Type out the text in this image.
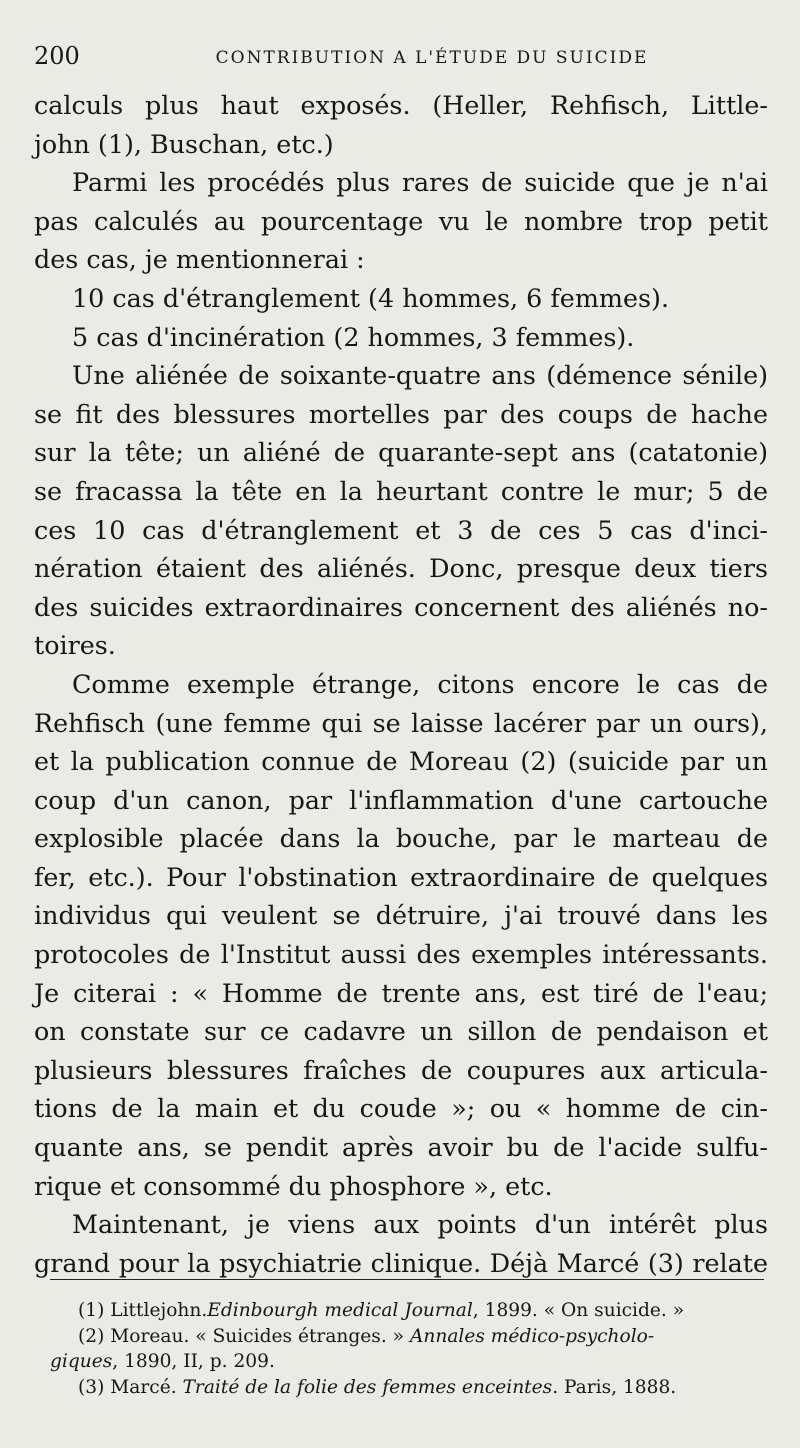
200	CONTRIBUTION A L'ÉTUDE DU SUICIDE
calculs plus haut exposés. (Heller, Rehfisch, Little-
john (1), Buschan, etc.)
Parmi les procédés plus rares de suicide que je n'ai
pas calculés au pourcentage vu le nombre trop petit
des cas, je mentionnerai :
10 cas d'étranglement (4 hommes, 6 femmes).
5 cas d'incinération (2 hommes, 3 femmes).
Une aliénée de soixante-quatre ans (démence sénile)
se fit des blessures mortelles par des coups de hache
sur la tête; un aliéné de quarante-sept ans (catatonie)
se fracassa la tête en la heurtant contre le mur; 5 de
ces 10 cas d'étranglement et 3 de ces 5 cas d'inci-
nération étaient des aliénés. Donc, presque deux tiers
des suicides extraordinaires concernent des aliénés no-
toires.
Comme exemple étrange, citons encore le cas de
Rehfisch (une femme qui se laisse lacérer par un ours),
et la publication connue de Moreau (2) (suicide par un
coup d'un canon, par l'inflammation d'une cartouche
explosible placée dans la bouche, par le marteau de
fer, etc.). Pour l'obstination extraordinaire de quelques
individus qui veulent se détruire, j'ai trouvé dans les
protocoles de l'Institut aussi des exemples intéressants.
Je citerai : « Homme de trente ans, est tiré de l'eau;
on constate sur ce cadavre un sillon de pendaison et
plusieurs blessures fraîches de coupures aux articula-
tions de la main et du coude »; ou « homme de cin-
quante ans, se pendit après avoir bu de l'acide sulfu-
rique et consommé du phosphore », etc.
Maintenant, je viens aux points d'un intérêt plus
grand pour la psychiatrie clinique. Déjà Marcé (3) relate
(1) Littlejohn.Edinbourgh medical Journal, 1899. « On suicide. »
(2) Moreau. « Suicides étranges. » Annales médico-psycholo-
giques, 1890, II, p. 209.
(3) Marcé. Traité de la folie des femmes enceintes. Paris, 1888.
